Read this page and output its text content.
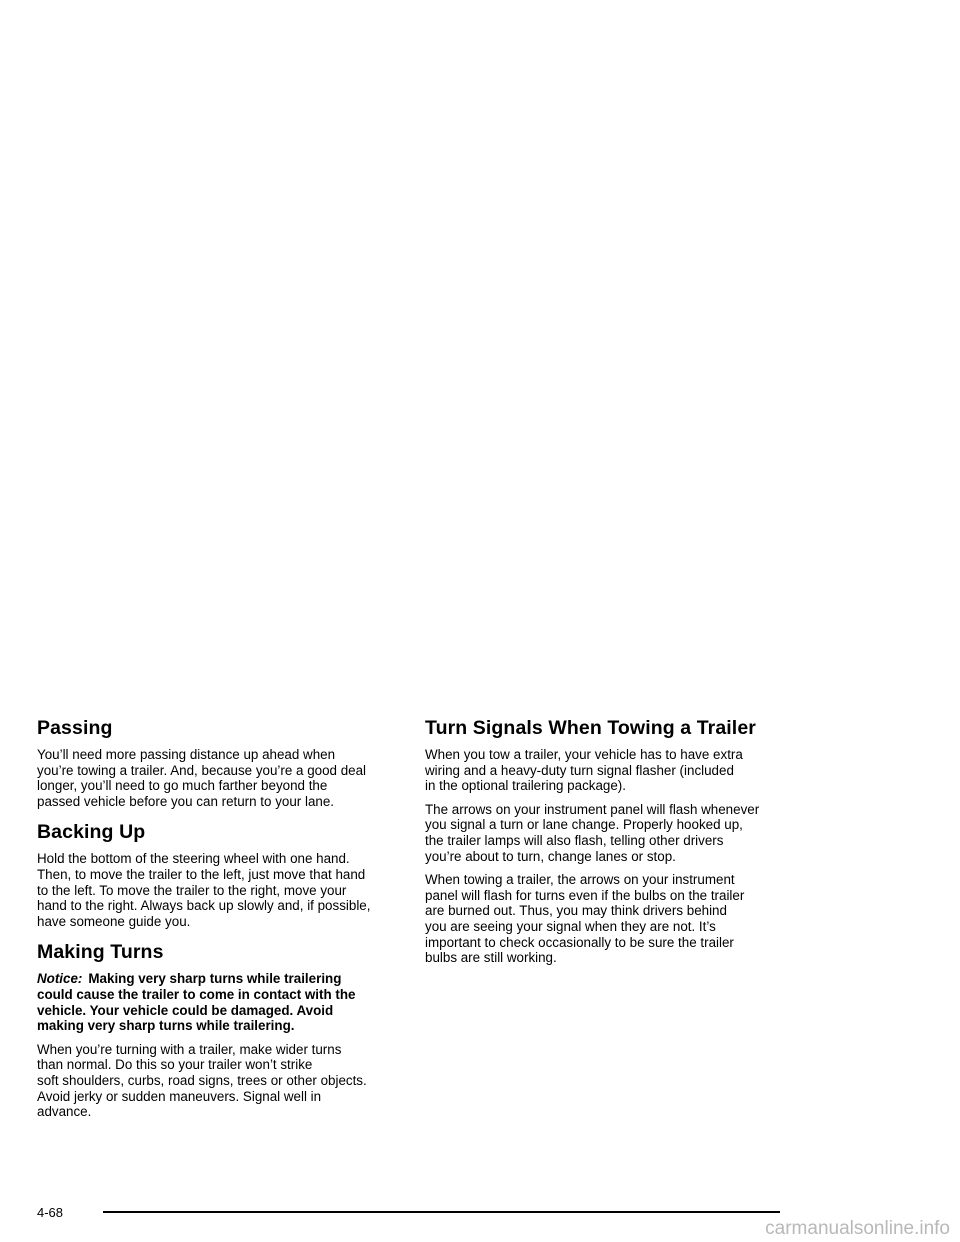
Passing

You’ll need more passing distance up ahead when
you’re towing a trailer. And, because you’re a good deal
longer, you’ll need to go much farther beyond the
passed vehicle before you can return to your lane.

Backing Up

Hold the bottom of the steering wheel with one hand.
Then, to move the trailer to the left, just move that hand
to the left. To move the trailer to the right, move your
hand to the right. Always back up slowly and, if possible,
have someone guide you.

Making Turns

Notice: Making very sharp turns while trailering
could cause the trailer to come in contact with the
vehicle. Your vehicle could be damaged. Avoid
making very sharp turns while trailering.

When you’re turning with a trailer, make wider turns
than normal. Do this so your trailer won’t strike
soft shoulders, curbs, road signs, trees or other objects.
Avoid jerky or sudden maneuvers. Signal well in
advance.

Turn Signals When Towing a Trailer

When you tow a trailer, your vehicle has to have extra
wiring and a heavy-duty turn signal flasher (included
in the optional trailering package).

The arrows on your instrument panel will flash whenever
you signal a turn or lane change. Properly hooked up,
the trailer lamps will also flash, telling other drivers
you’re about to turn, change lanes or stop.

When towing a trailer, the arrows on your instrument
panel will flash for turns even if the bulbs on the trailer
are burned out. Thus, you may think drivers behind
you are seeing your signal when they are not. It’s
important to check occasionally to be sure the trailer
bulbs are still working.

4-68
carmanualsonline.info
